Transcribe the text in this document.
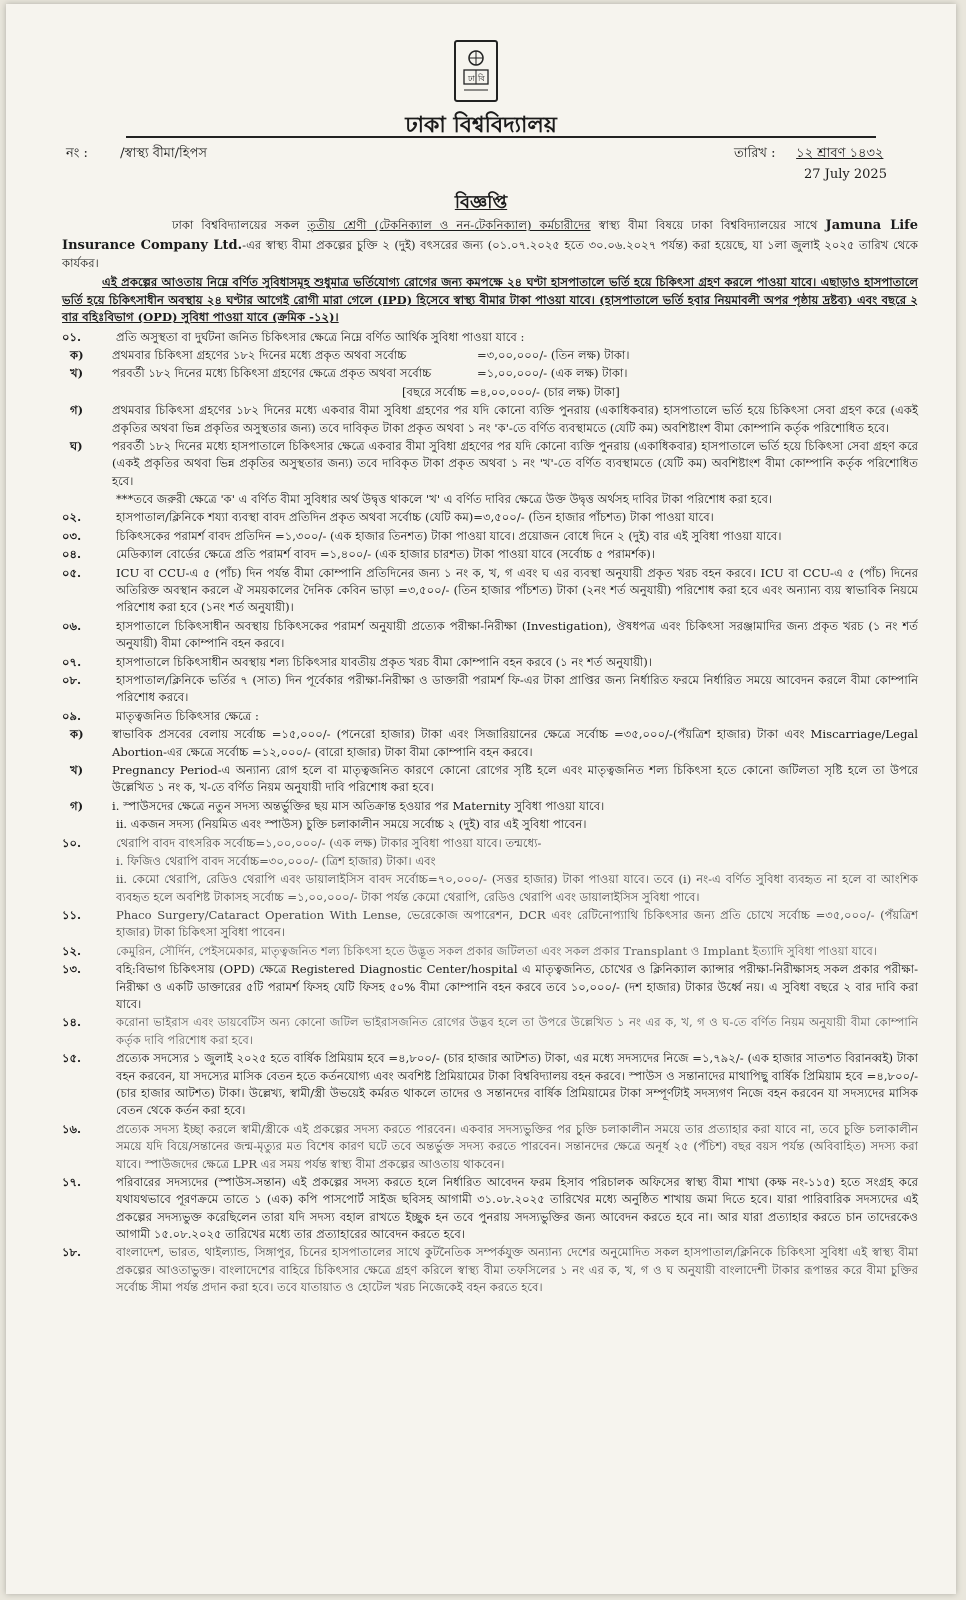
ঢা বি
ঢাকা বিশ্ববিদ্যালয়
নং : /স্বাস্থ্য বীমা/হিপস	তারিখ : ১২ শ্রাবণ ১৪৩২
27 July 2025
বিজ্ঞপ্তি

ঢাকা বিশ্ববিদ্যালয়ের সকল তৃতীয় শ্রেণী (টেকনিক্যাল ও নন-টেকনিক্যাল) কর্মচারীদের স্বাস্থ্য বীমা বিষয়ে ঢাকা বিশ্ববিদ্যালয়ের সাথে Jamuna Life Insurance Company Ltd.-এর স্বাস্থ্য বীমা প্রকল্পের চুক্তি ২ (দুই) বৎসরের জন্য (০১.০৭.২০২৫ হতে ৩০.০৬.২০২৭ পর্যন্ত) করা হয়েছে, যা ১লা জুলাই ২০২৫ তারিখ থেকে কার্যকর।

এই প্রকল্পের আওতায় নিম্নে বর্ণিত সুবিধাসমূহ শুধুমাত্র ভর্তিযোগ্য রোগের জন্য কমপক্ষে ২৪ ঘণ্টা হাসপাতালে ভর্তি হয়ে চিকিৎসা গ্রহণ করলে পাওয়া যাবে। এছাড়াও হাসপাতালে ভর্তি হয়ে চিকিৎসাধীন অবস্থায় ২৪ ঘণ্টার আগেই রোগী মারা গেলে (IPD) হিসেবে স্বাস্থ্য বীমার টাকা পাওয়া যাবে। (হাসপাতালে ভর্তি হবার নিয়মাবলী অপর পৃষ্ঠায় দ্রষ্টব্য) এবং বছরে ২ বার বহিঃবিভাগ (OPD) সুবিধা পাওয়া যাবে (ক্রমিক -১২)।

০১.	প্রতি অসুস্থতা বা দুর্ঘটনা জনিত চিকিৎসার ক্ষেত্রে নিম্নে বর্ণিত আর্থিক সুবিধা পাওয়া যাবে :
ক)	প্রথমবার চিকিৎসা গ্রহণের ১৮২ দিনের মধ্যে প্রকৃত অথবা সর্বোচ্চ	=৩,০০,০০০/- (তিন লক্ষ) টাকা।
খ)	পরবর্তী ১৮২ দিনের মধ্যে চিকিৎসা গ্রহণের ক্ষেত্রে প্রকৃত অথবা সর্বোচ্চ	=১,০০,০০০/- (এক লক্ষ) টাকা।
[বছরে সর্বোচ্চ =৪,০০,০০০/- (চার লক্ষ) টাকা]
গ)	প্রথমবার চিকিৎসা গ্রহণের ১৮২ দিনের মধ্যে একবার বীমা সুবিধা গ্রহণের পর যদি কোনো ব্যক্তি পুনরায় (একাধিকবার) হাসপাতালে ভর্তি হয়ে চিকিৎসা সেবা গ্রহণ করে (একই প্রকৃতির অথবা ভিন্ন প্রকৃতির অসুস্থতার জন্য) তবে দাবিকৃত টাকা প্রকৃত অথবা ১ নং 'ক'-তে বর্ণিত ব্যবস্থামতে (যেটি কম) অবশিষ্টাংশ বীমা কোম্পানি কর্তৃক পরিশোধিত হবে।
ঘ)	পরবর্তী ১৮২ দিনের মধ্যে হাসপাতালে চিকিৎসার ক্ষেত্রে একবার বীমা সুবিধা গ্রহণের পর যদি কোনো ব্যক্তি পুনরায় (একাধিকবার) হাসপাতালে ভর্তি হয়ে চিকিৎসা সেবা গ্রহণ করে (একই প্রকৃতির অথবা ভিন্ন প্রকৃতির অসুস্থতার জন্য) তবে দাবিকৃত টাকা প্রকৃত অথবা ১ নং 'খ'-তে বর্ণিত ব্যবস্থামতে (যেটি কম) অবশিষ্টাংশ বীমা কোম্পানি কর্তৃক পরিশোধিত হবে।
***তবে জরুরী ক্ষেত্রে 'ক' এ বর্ণিত বীমা সুবিধার অর্থ উদ্বৃত্ত থাকলে 'খ' এ বর্ণিত দাবির ক্ষেত্রে উক্ত উদ্বৃত্ত অর্থসহ দাবির টাকা পরিশোধ করা হবে।
০২.	হাসপাতাল/ক্লিনিকে শয্যা ব্যবস্থা বাবদ প্রতিদিন প্রকৃত অথবা সর্বোচ্চ (যেটি কম)=৩,৫০০/- (তিন হাজার পাঁচশত) টাকা পাওয়া যাবে।
০৩.	চিকিৎসকের পরামর্শ বাবদ প্রতিদিন =১,৩০০/- (এক হাজার তিনশত) টাকা পাওয়া যাবে। প্রয়োজন বোধে দিনে ২ (দুই) বার এই সুবিধা পাওয়া যাবে।
০৪.	মেডিক্যাল বোর্ডের ক্ষেত্রে প্রতি পরামর্শ বাবদ =১,৪০০/- (এক হাজার চারশত) টাকা পাওয়া যাবে (সর্বোচ্চ ৫ পরামর্শক)।
০৫.	ICU বা CCU-এ ৫ (পাঁচ) দিন পর্যন্ত বীমা কোম্পানি প্রতিদিনের জন্য ১ নং ক, খ, গ এবং ঘ এর ব্যবস্থা অনুযায়ী প্রকৃত খরচ বহন করবে। ICU বা CCU-এ ৫ (পাঁচ) দিনের অতিরিক্ত অবস্থান করলে ঐ সময়কালের দৈনিক কেবিন ভাড়া =৩,৫০০/- (তিন হাজার পাঁচশত) টাকা (২নং শর্ত অনুযায়ী) পরিশোধ করা হবে এবং অন্যান্য ব্যয় স্বাভাবিক নিয়মে পরিশোধ করা হবে (১নং শর্ত অনুযায়ী)।
০৬.	হাসপাতালে চিকিৎসাধীন অবস্থায় চিকিৎসকের পরামর্শ অনুযায়ী প্রত্যেক পরীক্ষা-নিরীক্ষা (Investigation), ঔষধপত্র এবং চিকিৎসা সরঞ্জামাদির জন্য প্রকৃত খরচ (১ নং শর্ত অনুযায়ী) বীমা কোম্পানি বহন করবে।
০৭.	হাসপাতালে চিকিৎসাধীন অবস্থায় শল্য চিকিৎসার যাবতীয় প্রকৃত খরচ বীমা কোম্পানি বহন করবে (১ নং শর্ত অনুযায়ী)।
০৮.	হাসপাতাল/ক্লিনিকে ভর্তির ৭ (সাত) দিন পূর্বেকার পরীক্ষা-নিরীক্ষা ও ডাক্তারী পরামর্শ ফি-এর টাকা প্রাপ্তির জন্য নির্ধারিত ফরমে নির্ধারিত সময়ে আবেদন করলে বীমা কোম্পানি পরিশোধ করবে।
০৯.	মাতৃত্বজনিত চিকিৎসার ক্ষেত্রে :
ক)	স্বাভাবিক প্রসবের বেলায় সর্বোচ্চ =১৫,০০০/- (পনেরো হাজার) টাকা এবং সিজারিয়ানের ক্ষেত্রে সর্বোচ্চ =৩৫,০০০/-(পঁয়ত্রিশ হাজার) টাকা এবং Miscarriage/Legal Abortion-এর ক্ষেত্রে সর্বোচ্চ =১২,০০০/- (বারো হাজার) টাকা বীমা কোম্পানি বহন করবে।
খ)	Pregnancy Period-এ অন্যান্য রোগ হলে বা মাতৃত্বজনিত কারণে কোনো রোগের সৃষ্টি হলে এবং মাতৃত্বজনিত শল্য চিকিৎসা হতে কোনো জটিলতা সৃষ্টি হলে তা উপরে উল্লেখিত ১ নং ক, খ-তে বর্ণিত নিয়ম অনুযায়ী দাবি পরিশোধ করা হবে।
গ)	i. স্পাউসদের ক্ষেত্রে নতুন সদস্য অন্তর্ভুক্তির ছয় মাস অতিক্রান্ত হওয়ার পর Maternity সুবিধা পাওয়া যাবে।
ii. একজন সদস্য (নিয়মিত এবং স্পাউস) চুক্তি চলাকালীন সময়ে সর্বোচ্চ ২ (দুই) বার এই সুবিধা পাবেন।
১০.	থেরাপি বাবদ বাৎসরিক সর্বোচ্চ=১,০০,০০০/- (এক লক্ষ) টাকার সুবিধা পাওয়া যাবে। তন্মধ্যে-
i. ফিজিও থেরাপি বাবদ সর্বোচ্চ=৩০,০০০/- (ত্রিশ হাজার) টাকা। এবং
ii. কেমো থেরাপি, রেডিও থেরাপি এবং ডায়ালাইসিস বাবদ সর্বোচ্চ=৭০,০০০/- (সত্তর হাজার) টাকা পাওয়া যাবে। তবে (i) নং-এ বর্ণিত সুবিধা ব্যবহৃত না হলে বা আংশিক ব্যবহৃত হলে অবশিষ্ট টাকাসহ সর্বোচ্চ =১,০০,০০০/- টাকা পর্যন্ত কেমো থেরাপি, রেডিও থেরাপি এবং ডায়ালাইসিস সুবিধা পাবে।
১১.	Phaco Surgery/Cataract Operation With Lense, ভেরেকোজ অপারেশন, DCR এবং রেটিনোপ্যাথি চিকিৎসার জন্য প্রতি চোখে সর্বোচ্চ =৩৫,০০০/- (পঁয়ত্রিশ হাজার) টাকা চিকিৎসা সুবিধা পাবেন।
১২.	কেমুরিন, সৌর্দিন, পেইসমেকার, মাতৃত্বজনিত শল্য চিকিৎসা হতে উদ্ভূত সকল প্রকার জটিলতা এবং সকল প্রকার Transplant ও Implant ইত্যাদি সুবিধা পাওয়া যাবে।
১৩.	বহি:বিভাগ চিকিৎসায় (OPD) ক্ষেত্রে Registered Diagnostic Center/hospital এ মাতৃত্বজনিত, চোখের ও ক্লিনিক্যাল ক্যান্সার পরীক্ষা-নিরীক্ষাসহ সকল প্রকার পরীক্ষা-নিরীক্ষা ও একটি ডাক্তারের ৫টি পরামর্শ ফিসহ যেটি ফিসহ ৫০% বীমা কোম্পানি বহন করবে তবে ১০,০০০/- (দশ হাজার) টাকার উর্ধ্বে নয়। এ সুবিধা বছরে ২ বার দাবি করা যাবে।
১৪.	করোনা ভাইরাস এবং ডায়বেটিস অন্য কোনো জটিল ভাইরাসজনিত রোগের উদ্ভব হলে তা উপরে উল্লেখিত ১ নং এর ক, খ, গ ও ঘ-তে বর্ণিত নিয়ম অনুযায়ী বীমা কোম্পানি কর্তৃক দাবি পরিশোধ করা হবে।
১৫.	প্রত্যেক সদস্যের ১ জুলাই ২০২৫ হতে বার্ষিক প্রিমিয়াম হবে =৪,৮০০/- (চার হাজার আটশত) টাকা, এর মধ্যে সদস্যদের নিজে =১,৭৯২/- (এক হাজার সাতশত বিরানব্বই) টাকা বহন করবেন, যা সদস্যের মাসিক বেতন হতে কর্তনযোগ্য এবং অবশিষ্ট প্রিমিয়ামের টাকা বিশ্ববিদ্যালয় বহন করবে। স্পাউস ও সন্তানাদের মাথাপিছু বার্ষিক প্রিমিয়াম হবে =৪,৮০০/- (চার হাজার আটশত) টাকা। উল্লেখ্য, স্বামী/স্ত্রী উভয়েই কর্মরত থাকলে তাদের ও সন্তানদের বার্ষিক প্রিমিয়ামের টাকা সম্পূর্ণটাই সদস্যগণ নিজে বহন করবেন যা সদস্যদের মাসিক বেতন থেকে কর্তন করা হবে।
১৬.	প্রত্যেক সদস্য ইচ্ছা করলে স্বামী/স্ত্রীকে এই প্রকল্পের সদস্য করতে পারবেন। একবার সদস্যভুক্তির পর চুক্তি চলাকালীন সময়ে তার প্রত্যাহার করা যাবে না, তবে চুক্তি চলাকালীন সময়ে যদি বিয়ে/সন্তানের জন্ম-মৃত্যুর মত বিশেষ কারণ ঘটে তবে অন্তর্ভুক্ত সদস্য করতে পারবেন। সন্তানদের ক্ষেত্রে অনূর্ধ ২৫ (পঁচিশ) বছর বয়স পর্যন্ত (অবিবাহিত) সদস্য করা যাবে। স্পাউজদের ক্ষেত্রে LPR এর সময় পর্যন্ত স্বাস্থ্য বীমা প্রকল্পের আওতায় থাকবেন।
১৭.	পরিবারের সদস্যদের (স্পাউস-সন্তান) এই প্রকল্পের সদস্য করতে হলে নির্ধারিত আবেদন ফরম হিসাব পরিচালক অফিসের স্বাস্থ্য বীমা শাখা (কক্ষ নং-১১৫) হতে সংগ্রহ করে যথাযথভাবে পূরণক্রমে তাতে ১ (এক) কপি পাসপোর্ট সাইজ ছবিসহ আগামী ৩১.০৮.২০২৫ তারিখের মধ্যে অনুষ্ঠিত শাখায় জমা দিতে হবে। যারা পারিবারিক সদস্যদের এই প্রকল্পের সদস্যভুক্ত করেছিলেন তারা যদি সদস্য বহাল রাখতে ইচ্ছুক হন তবে পুনরায় সদস্যভুক্তির জন্য আবেদন করতে হবে না। আর যারা প্রত্যাহার করতে চান তাদেরকেও আগামী ১৫.০৮.২০২৫ তারিখের মধ্যে তার প্রত্যাহারের আবেদন করতে হবে।
১৮.	বাংলাদেশ, ভারত, থাইল্যান্ড, সিঙ্গাপুর, চিনের হাসপাতালের সাথে কুটনৈতিক সম্পর্কযুক্ত অন্যান্য দেশের অনুমোদিত সকল হাসপাতাল/ক্লিনিকে চিকিৎসা সুবিধা এই স্বাস্থ্য বীমা প্রকল্পের আওতাভুক্ত। বাংলাদেশের বাহিরে চিকিৎসার ক্ষেত্রে গ্রহণ করিলে স্বাস্থ্য বীমা তফসিলের ১ নং এর ক, খ, গ ও ঘ অনুযায়ী বাংলাদেশী টাকার রূপান্তর করে বীমা চুক্তির সর্বোচ্চ সীমা পর্যন্ত প্রদান করা হবে। তবে যাতায়াত ও হোটেল খরচ নিজেকেই বহন করতে হবে।
